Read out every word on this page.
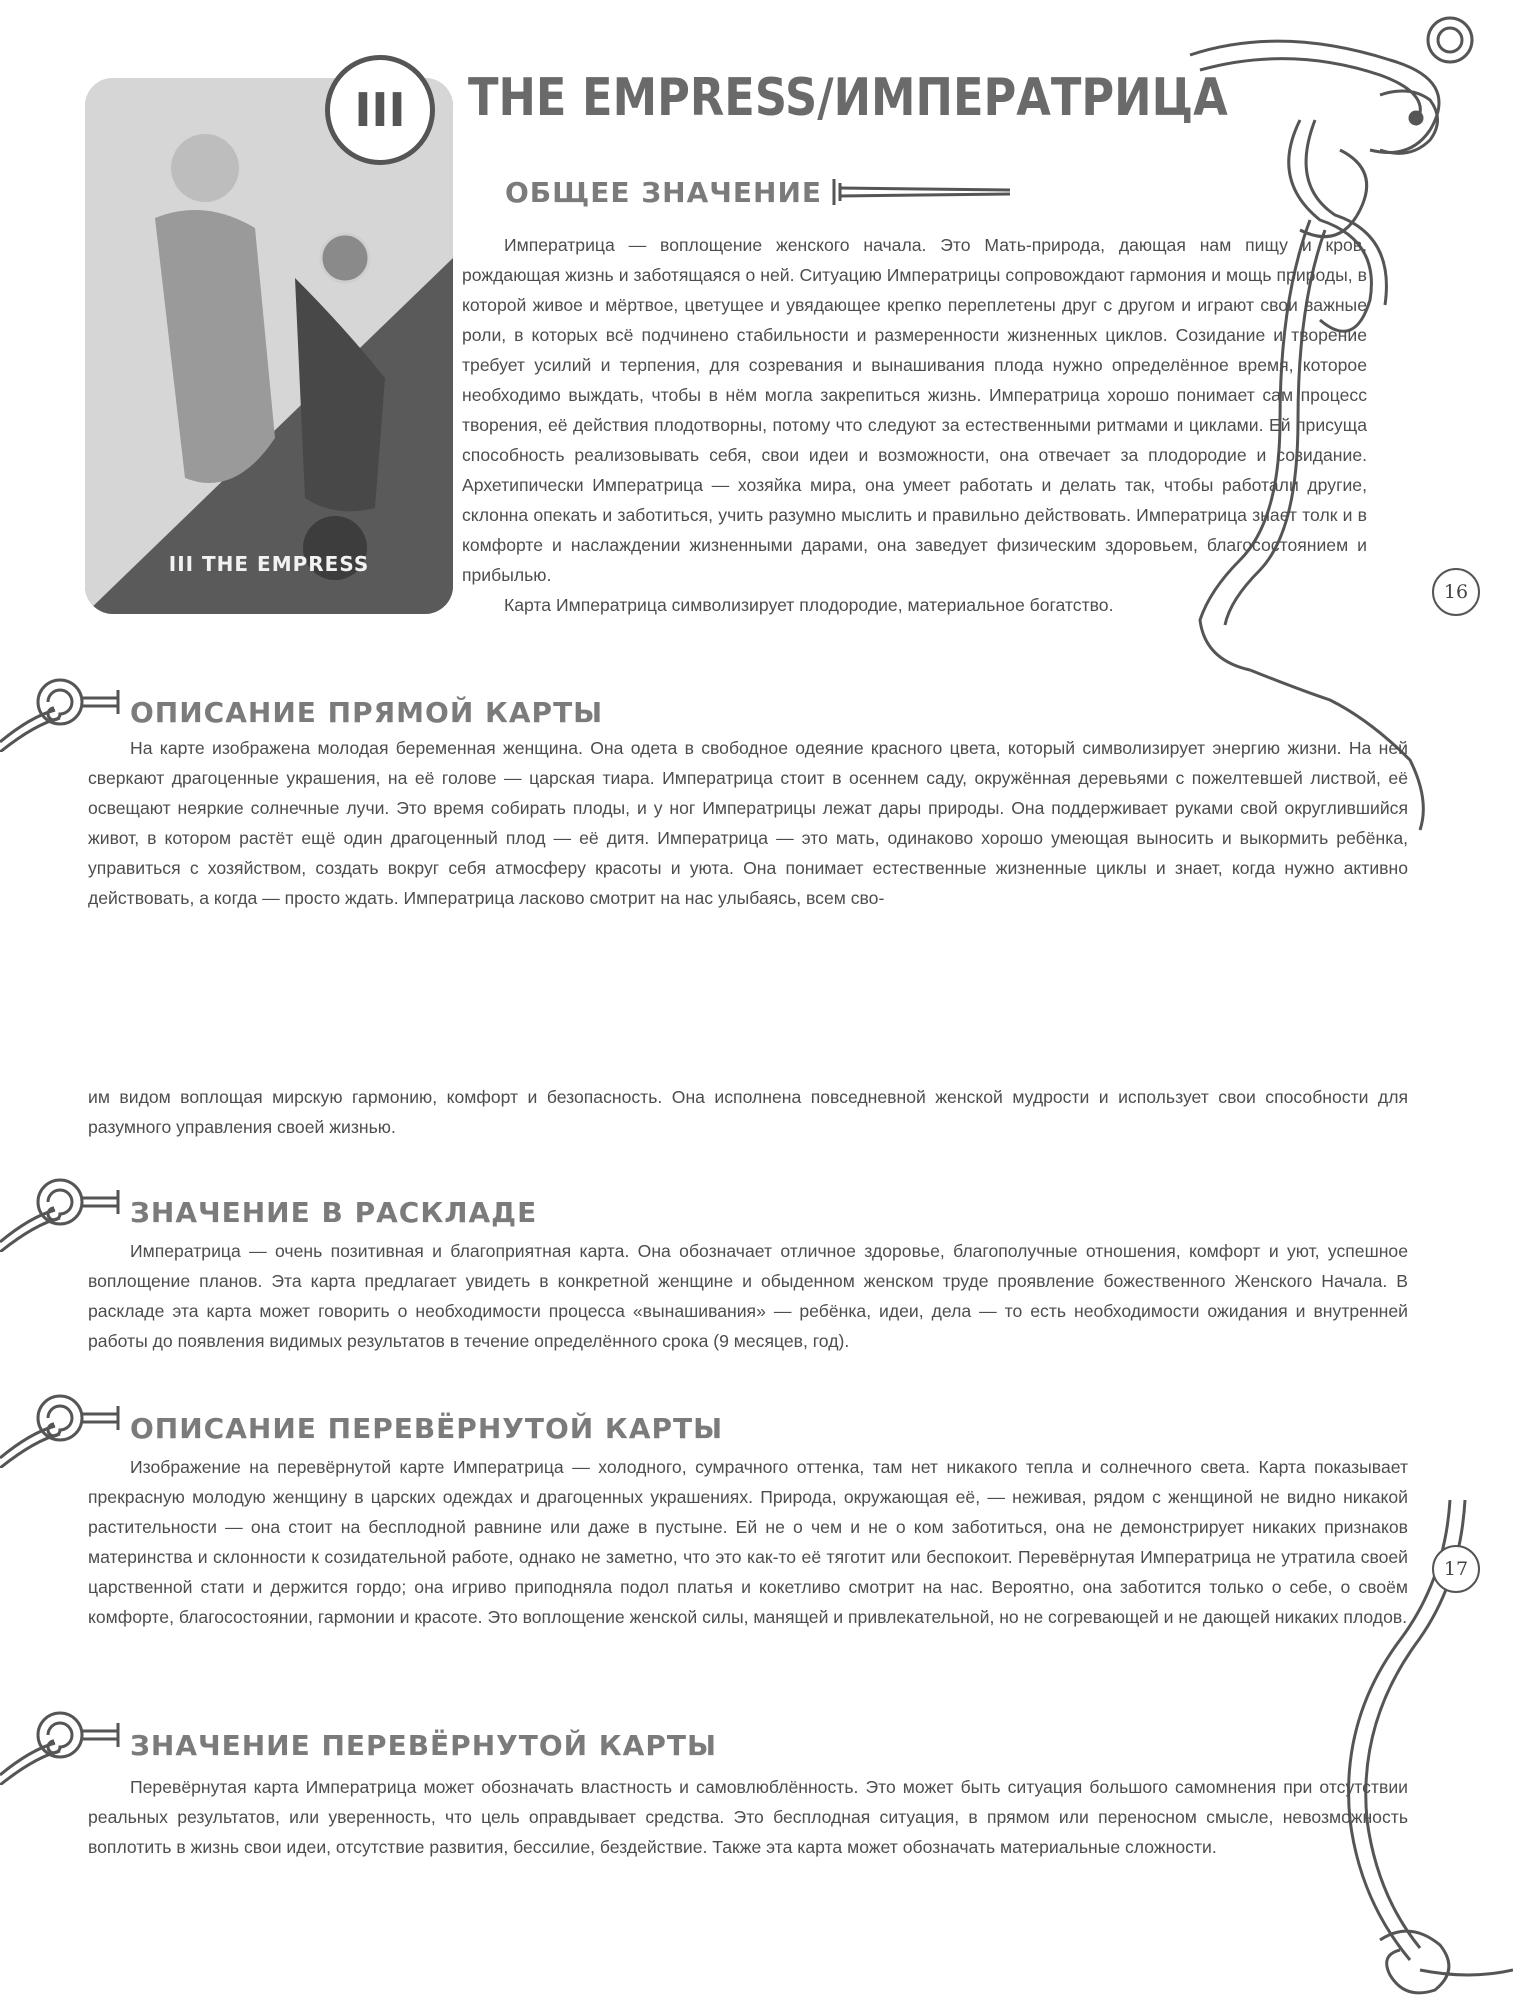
16
17
III THE EMPRESS
III	THE EMPRESS/ИМПЕРАТРИЦА
ОБЩЕЕ ЗНАЧЕНИЕ

Императрица — воплощение женского начала. Это Мать-природа, дающая нам пищу и кров, рождающая жизнь и заботящаяся о ней. Ситуацию Императрицы сопровождают гармония и мощь природы, в которой живое и мёртвое, цветущее и увядающее крепко переплетены друг с другом и играют свои важные роли, в которых всё подчинено стабильности и размеренности жизненных циклов. Созидание и творение требует усилий и терпения, для созревания и вынашивания плода нужно определённое время, которое необходимо выждать, чтобы в нём могла закрепиться жизнь. Императрица хорошо понимает сам процесс творения, её действия плодотворны, потому что следуют за естественными ритмами и циклами. Ей присуща способность реализовывать себя, свои идеи и возможности, она отвечает за плодородие и созидание. Архетипически Императрица — хозяйка мира, она умеет работать и делать так, чтобы работали другие, склонна опекать и заботиться, учить разумно мыслить и правильно действовать. Императрица знает толк и в комфорте и наслаждении жизненными дарами, она заведует физическим здоровьем, благосостоянием и прибылью.

Карта Императрица символизирует плодородие, материальное богатство.

ОПИСАНИЕ ПРЯМОЙ КАРТЫ

На карте изображена молодая беременная женщина. Она одета в свободное одеяние красного цвета, который символизирует энергию жизни. На ней сверкают драгоценные украшения, на её голове — царская тиара. Императрица стоит в осеннем саду, окружённая деревьями с пожелтевшей листвой, её освещают неяркие солнечные лучи. Это время собирать плоды, и у ног Императрицы лежат дары природы. Она поддерживает руками свой округлившийся живот, в котором растёт ещё один драгоценный плод — её дитя. Императрица — это мать, одинаково хорошо умеющая выносить и выкормить ребёнка, управиться с хозяйством, создать вокруг себя атмосферу красоты и уюта. Она понимает естественные жизненные циклы и знает, когда нужно активно действовать, а когда — просто ждать. Императрица ласково смотрит на нас улыбаясь, всем сво-

им видом воплощая мирскую гармонию, комфорт и безопасность. Она исполнена повседневной женской мудрости и использует свои способности для разумного управления своей жизнью.

ЗНАЧЕНИЕ В РАСКЛАДЕ

Императрица — очень позитивная и благоприятная карта. Она обозначает отличное здоровье, благополучные отношения, комфорт и уют, успешное воплощение планов. Эта карта предлагает увидеть в конкретной женщине и обыденном женском труде проявление божественного Женского Начала. В раскладе эта карта может говорить о необходимости процесса «вынашивания» — ребёнка, идеи, дела — то есть необходимости ожидания и внутренней работы до появления видимых результатов в течение определённого срока (9 месяцев, год).

ОПИСАНИЕ ПЕРЕВЁРНУТОЙ КАРТЫ

Изображение на перевёрнутой карте Императрица — холодного, сумрачного оттенка, там нет никакого тепла и солнечного света. Карта показывает прекрасную молодую женщину в царских одеждах и драгоценных украшениях. Природа, окружающая её, — неживая, рядом с женщиной не видно никакой растительности — она стоит на бесплодной равнине или даже в пустыне. Ей не о чем и не о ком заботиться, она не демонстрирует никаких признаков материнства и склонности к созидательной работе, однако не заметно, что это как-то её тяготит или беспокоит. Перевёрнутая Императрица не утратила своей царственной стати и держится гордо; она игриво приподняла подол платья и кокетливо смотрит на нас. Вероятно, она заботится только о себе, о своём комфорте, благосостоянии, гармонии и красоте. Это воплощение женской силы, манящей и привлекательной, но не согревающей и не дающей никаких плодов.

ЗНАЧЕНИЕ ПЕРЕВЁРНУТОЙ КАРТЫ

Перевёрнутая карта Императрица может обозначать властность и самовлюблённость. Это может быть ситуация большого самомнения при отсутствии реальных результатов, или уверенность, что цель оправдывает средства. Это бесплодная ситуация, в прямом или переносном смысле, невозможность воплотить в жизнь свои идеи, отсутствие развития, бессилие, бездействие. Также эта карта может обозначать материальные сложности.
